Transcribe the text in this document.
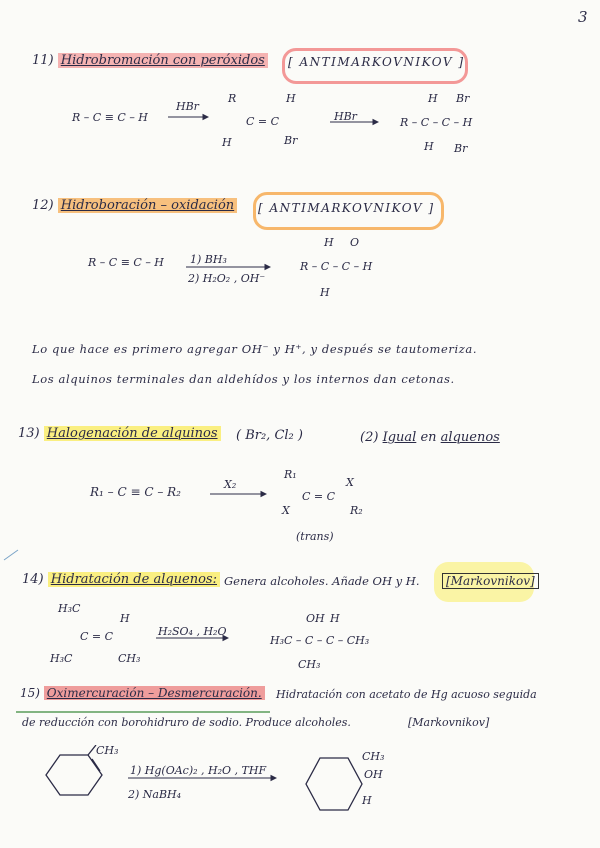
3
11) Hidrobromación con peróxidos [ ANTIMARKOVNIKOV ]
R – C ≡ C – H
HBr
R	H
C = C
H	Br
HBr
H Br
R – C – C – H
H Br
12) Hidroboración – oxidación [ ANTIMARKOVNIKOV ]
R – C ≡ C – H 1) BH₃
2) H₂O₂ , OH⁻
H O
R – C – C – H
H
Lo que hace es primero agregar OH⁻ y H⁺, y después se tautomeriza.
Los alquinos terminales dan aldehídos y los internos dan cetonas.
13) Halogenación de alquinos ( Br₂, Cl₂ )	(2) Igual en alquenos
R₁ – C ≡ C – R₂
X₂
R₁
X
C = C
X	R₂
(trans)
14) Hidratación de alquenos: Genera alcoholes. Añade OH y H.	[Markovnikov]
H₃C
H
C = C
H₃C	CH₃
H₂SO₄ , H₂O
OH H
H₃C – C – C – CH₃
CH₃
15) Oximercuración – Desmercuración. Hidratación con acetato de Hg acuoso seguida
de reducción con borohidruro de sodio. Produce alcoholes.	[Markovnikov]
CH₃
1) Hg(OAc)₂ , H₂O , THF
2) NaBH₄
CH₃
OH
H
